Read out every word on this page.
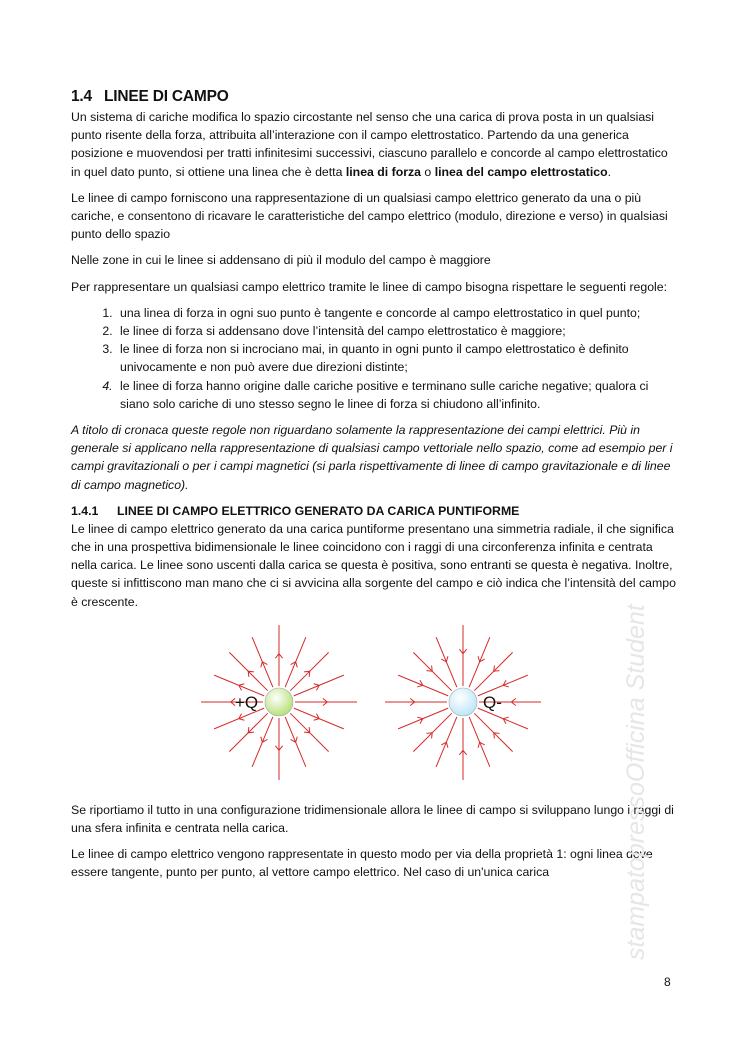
1.4 LINEE DI CAMPO

Un sistema di cariche modifica lo spazio circostante nel senso che una carica di prova posta in un qualsiasi punto risente della forza, attribuita all’interazione con il campo elettrostatico. Partendo da una generica posizione e muovendosi per tratti infinitesimi successivi, ciascuno parallelo e concorde al campo elettrostatico in quel dato punto, si ottiene una linea che è detta linea di forza o linea del campo elettrostatico.

Le linee di campo forniscono una rappresentazione di un qualsiasi campo elettrico generato da una o più cariche, e consentono di ricavare le caratteristiche del campo elettrico (modulo, direzione e verso) in qualsiasi punto dello spazio

Nelle zone in cui le linee si addensano di più il modulo del campo è maggiore

Per rappresentare un qualsiasi campo elettrico tramite le linee di campo bisogna rispettare le seguenti regole:

1. una linea di forza in ogni suo punto è tangente e concorde al campo elettrostatico in quel punto;
2. le linee di forza si addensano dove l’intensità del campo elettrostatico è maggiore;
3. le linee di forza non si incrociano mai, in quanto in ogni punto il campo elettrostatico è definito univocamente e non può avere due direzioni distinte;
4. le linee di forza hanno origine dalle cariche positive e terminano sulle cariche negative; qualora ci siano solo cariche di uno stesso segno le linee di forza si chiudono all’infinito.

A titolo di cronaca queste regole non riguardano solamente la rappresentazione dei campi elettrici. Più in generale si applicano nella rappresentazione di qualsiasi campo vettoriale nello spazio, come ad esempio per i campi gravitazionali o per i campi magnetici (si parla rispettivamente di linee di campo gravitazionale e di linee di campo magnetico).

1.4.1 LINEE DI CAMPO ELETTRICO GENERATO DA CARICA PUNTIFORME

Le linee di campo elettrico generato da una carica puntiforme presentano una simmetria radiale, il che significa che in una prospettiva bidimensionale le linee coincidono con i raggi di una circonferenza infinita e centrata nella carica. Le linee sono uscenti dalla carica se questa è positiva, sono entranti se questa è negativa. Inoltre, queste si infittiscono man mano che ci si avvicina alla sorgente del campo e ciò indica che l’intensità del campo è crescente.

+Q	Q-

Se riportiamo il tutto in una configurazione tridimensionale allora le linee di campo si sviluppano lungo i raggi di una sfera infinita e centrata nella carica.

Le linee di campo elettrico vengono rappresentate in questo modo per via della proprietà 1: ogni linea deve essere tangente, punto per punto, al vettore campo elettrico. Nel caso di un'unica carica	stampatopressoOfficina Student
8
